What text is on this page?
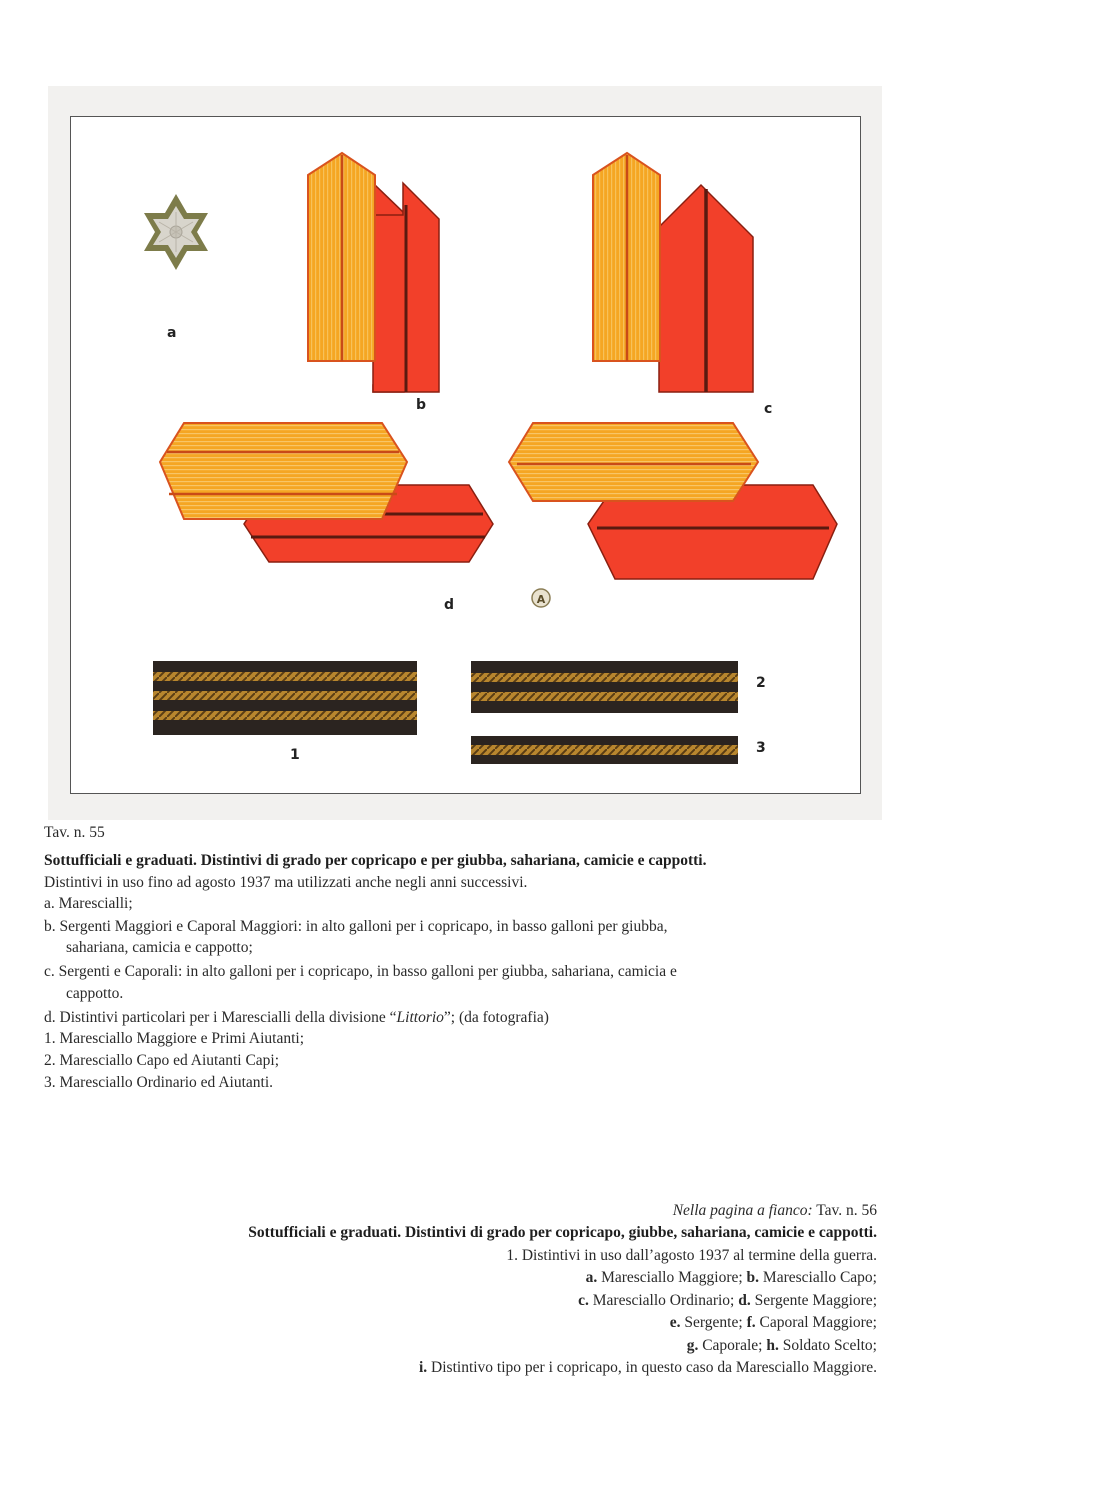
A
a
b	c
d
1
2
3
Tav. n. 55
Sottufficiali e graduati. Distintivi di grado per copricapo e per giubba, sahariana, camicie e cappotti.
Distintivi in uso fino ad agosto 1937 ma utilizzati anche negli anni successivi.
a. Marescialli;
b. Sergenti Maggiori e Caporal Maggiori: in alto galloni per i copricapo, in basso galloni per giubba,
sahariana, camicia e cappotto;
c. Sergenti e Caporali: in alto galloni per i copricapo, in basso galloni per giubba, sahariana, camicia e
cappotto.
d. Distintivi particolari per i Marescialli della divisione “Littorio”; (da fotografia)
1. Maresciallo Maggiore e Primi Aiutanti;
2. Maresciallo Capo ed Aiutanti Capi;
3. Maresciallo Ordinario ed Aiutanti.
Nella pagina a fianco: Tav. n. 56
Sottufficiali e graduati. Distintivi di grado per copricapo, giubbe, sahariana, camicie e cappotti.
1. Distintivi in uso dall’agosto 1937 al termine della guerra.
a. Maresciallo Maggiore; b. Maresciallo Capo;
c. Maresciallo Ordinario; d. Sergente Maggiore;
e. Sergente; f. Caporal Maggiore;
g. Caporale; h. Soldato Scelto;
i. Distintivo tipo per i copricapo, in questo caso da Maresciallo Maggiore.
